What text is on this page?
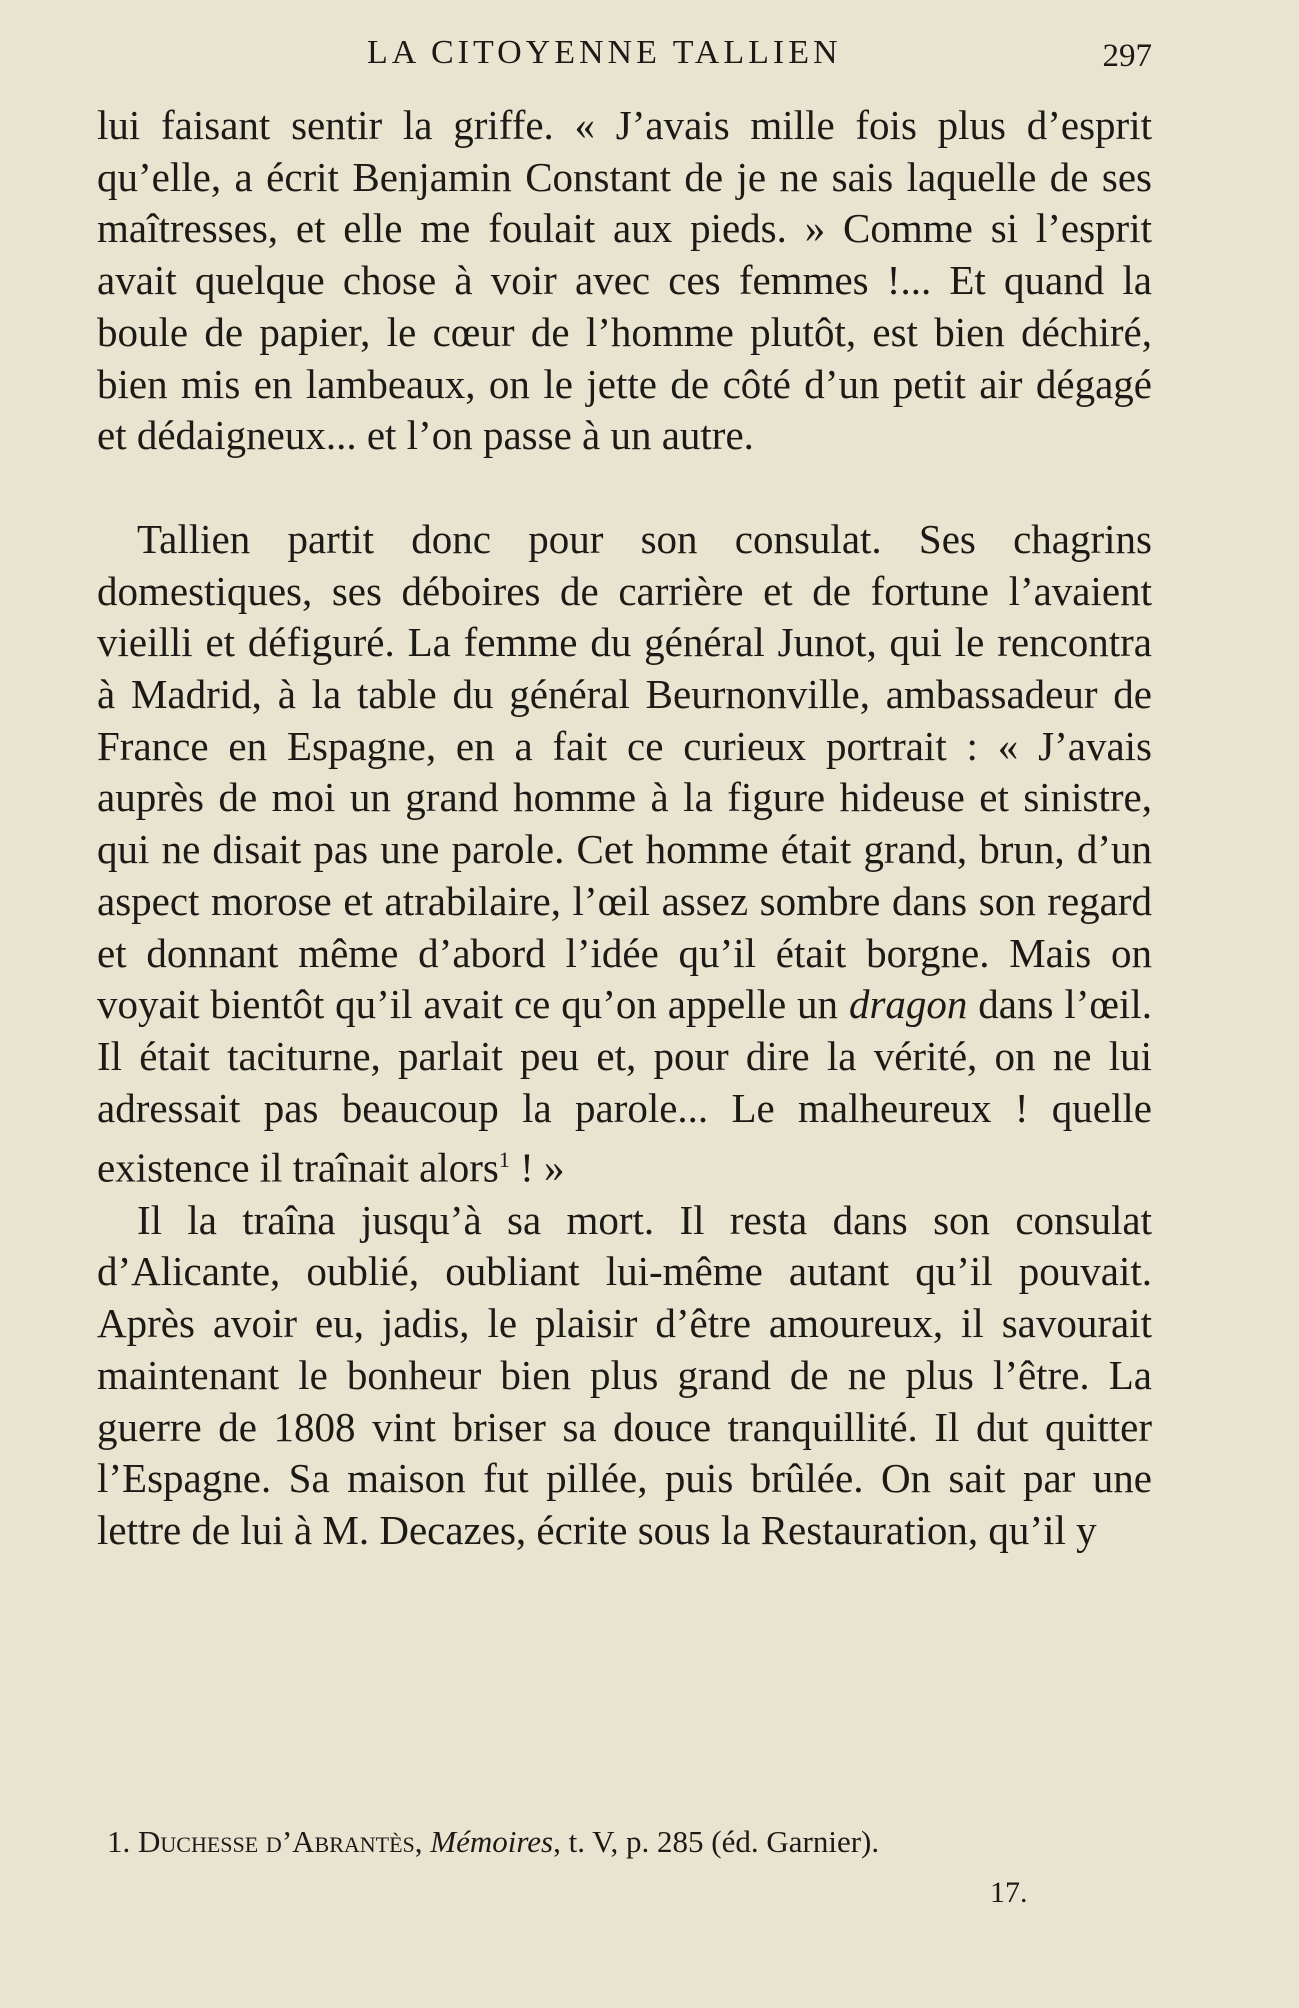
LA CITOYENNE TALLIEN	297

lui faisant sentir la griffe. « J’avais mille fois plus d’esprit qu’elle, a écrit Benjamin Constant de je ne sais laquelle de ses maîtresses, et elle me foulait aux pieds. » Comme si l’esprit avait quelque chose à voir avec ces femmes !... Et quand la boule de papier, le cœur de l’homme plutôt, est bien déchiré, bien mis en lambeaux, on le jette de côté d’un petit air dégagé et dédaigneux... et l’on passe à un autre.

Tallien partit donc pour son consulat. Ses chagrins domestiques, ses déboires de carrière et de fortune l’avaient vieilli et défiguré. La femme du général Junot, qui le rencontra à Madrid, à la table du général Beurnonville, ambassadeur de France en Espagne, en a fait ce curieux portrait : « J’avais auprès de moi un grand homme à la figure hideuse et sinistre, qui ne disait pas une parole. Cet homme était grand, brun, d’un aspect morose et atrabilaire, l’œil assez sombre dans son regard et donnant même d’abord l’idée qu’il était borgne. Mais on voyait bientôt qu’il avait ce qu’on appelle un dragon dans l’œil. Il était taciturne, parlait peu et, pour dire la vérité, on ne lui adressait pas beaucoup la parole... Le malheureux ! quelle existence il traînait alors$^1$ ! »

Il la traîna jusqu’à sa mort. Il resta dans son consulat d’Alicante, oublié, oubliant lui-même autant qu’il pouvait. Après avoir eu, jadis, le plaisir d’être amoureux, il savourait maintenant le bonheur bien plus grand de ne plus l’être. La guerre de 1808 vint briser sa douce tranquillité. Il dut quitter l’Espagne. Sa maison fut pillée, puis brûlée. On sait par une lettre de lui à M. Decazes, écrite sous la Restauration, qu’il y

1. Duchesse d’Abrantès, Mémoires, t. V, p. 285 (éd. Garnier).
17.
